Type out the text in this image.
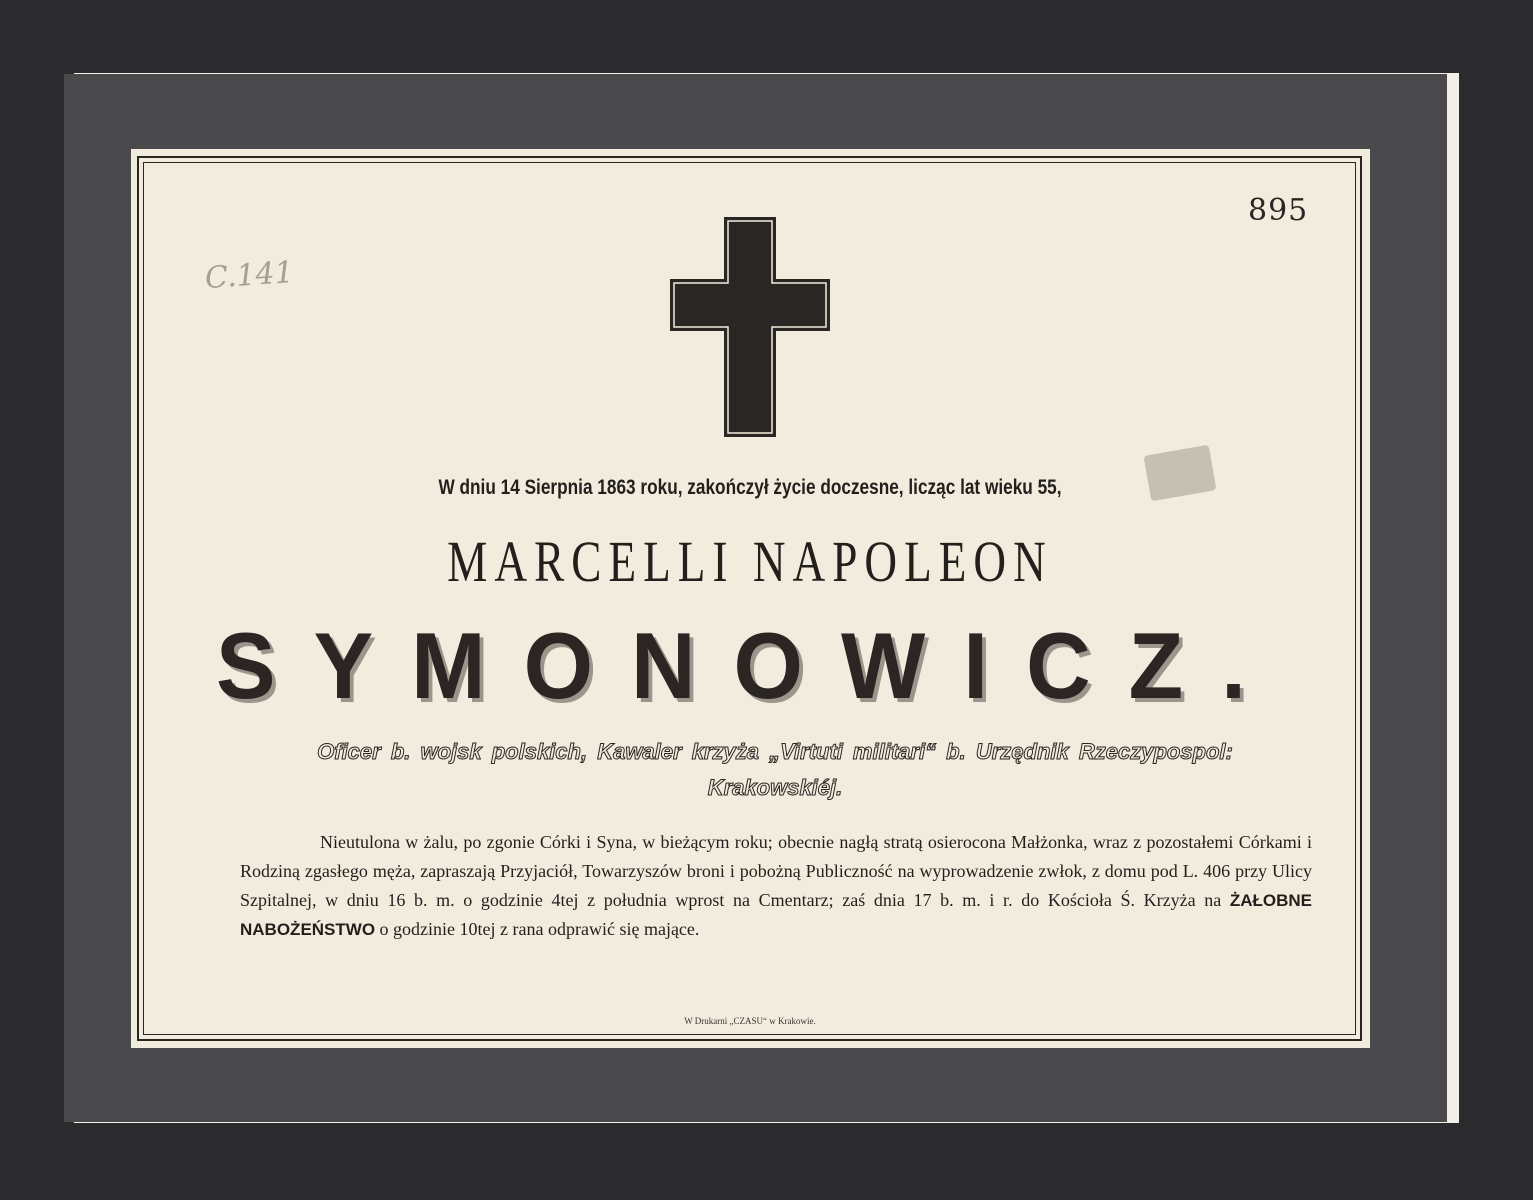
895
C.141
W dniu 14 Sierpnia 1863 roku, zakończył życie doczesne, licząc lat wieku 55,
MARCELLI NAPOLEON
SYMONOWICZ.
Oficer b. wojsk polskich, Kawaler krzyża „Virtuti militari“ b. Urzędnik Rzeczypospol:
Krakowskiéj.
Nieutulona w żalu, po zgonie Córki i Syna, w bieżącym roku; obecnie nagłą stratą osierocona Małżonka, wraz z pozostałemi Córkami i Rodziną zgasłego męża, zapraszają Przyjaciół, Towarzyszów broni i pobożną Publiczność na wyprowadzenie zwłok, z domu pod L. 406 przy Ulicy Szpitalnej, w dniu 16 b. m. o godzinie 4tej z południa wprost na Cmentarz; zaś dnia 17 b. m. i r. do Kościoła Ś. Krzyża na ŻAŁOBNE NABOŻEŃSTWO o godzinie 10tej z rana odprawić się mające.
W Drukarni „CZASU“ w Krakowie.
